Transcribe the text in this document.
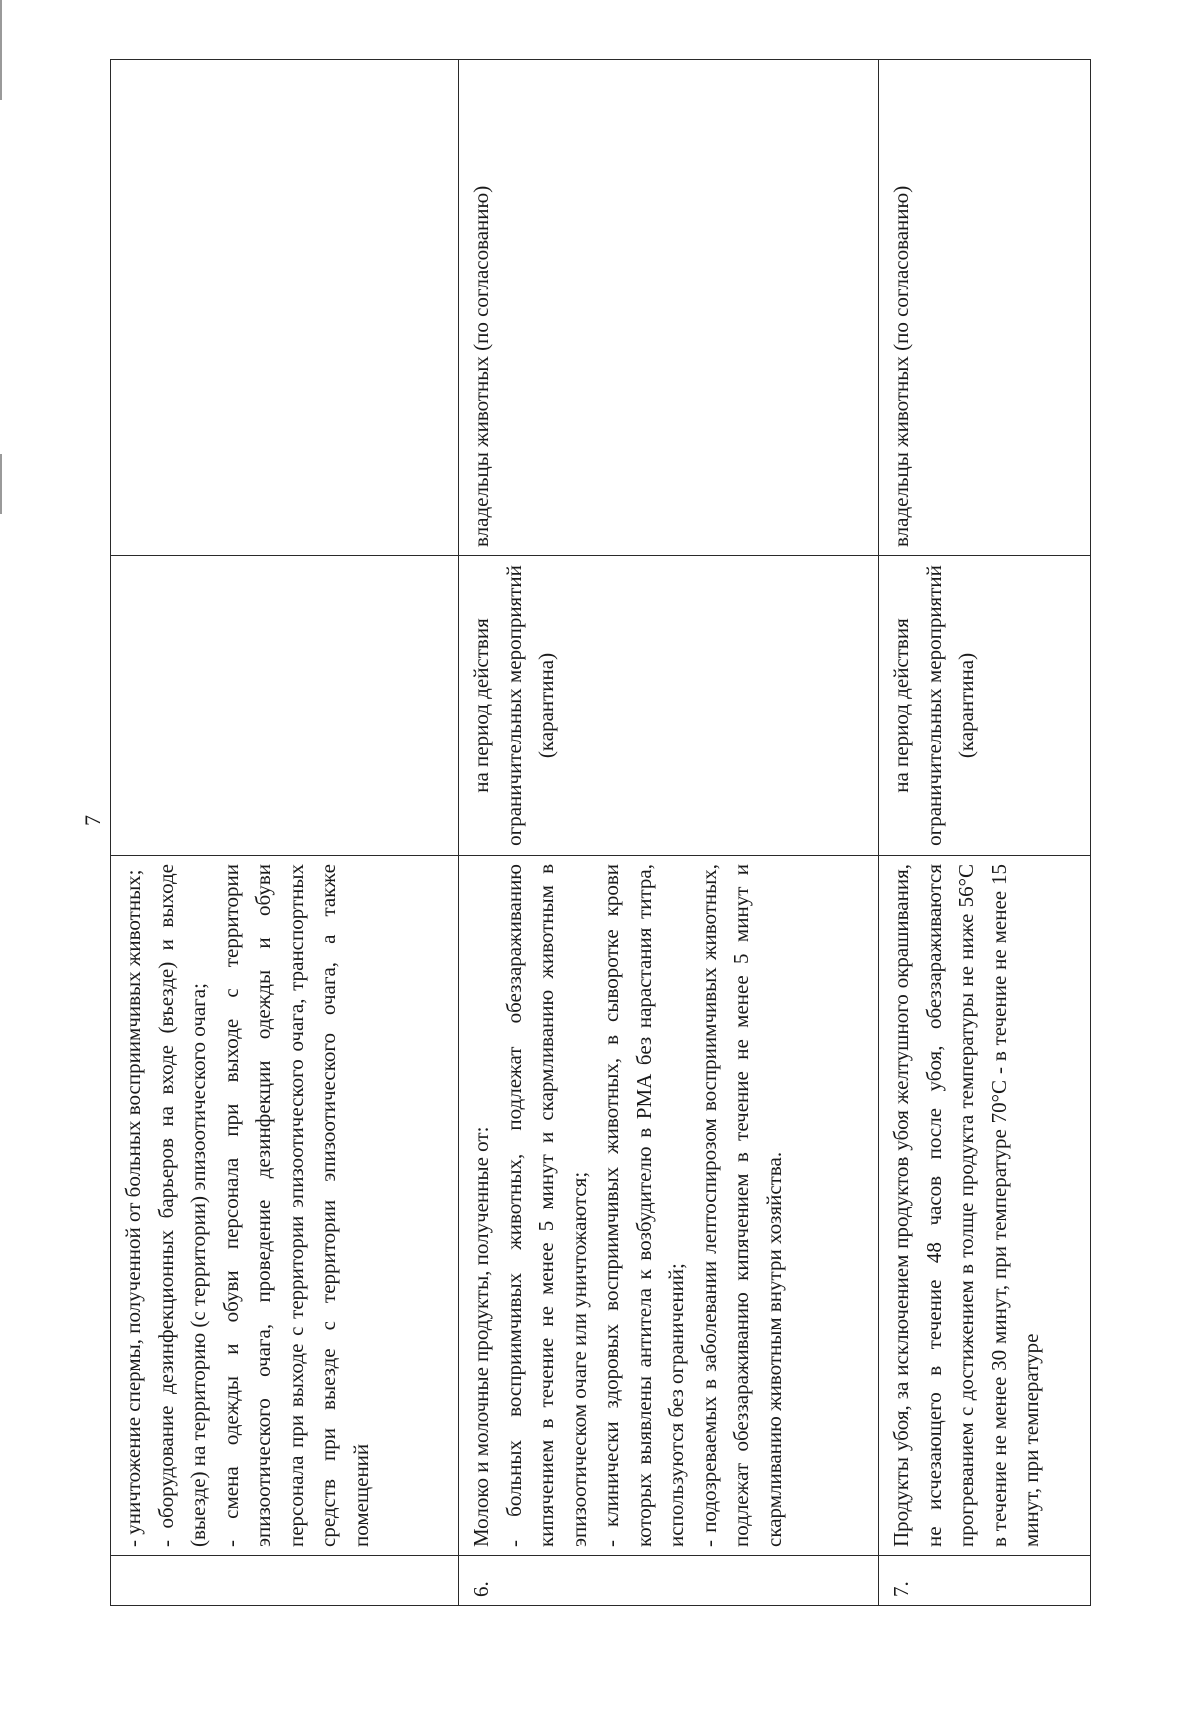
7

	- уничтожение спермы, полученной от больных восприимчивых животных; - оборудование дезинфекционных барьеров на входе (въезде) и выходе (выезде) на территорию (с территории) эпизоотического очага; - смена одежды и обуви персонала при выходе с территории эпизоотического очага, проведение дезинфекции одежды и обуви персонала при выходе с территории эпизоотического очага, транспортных средств при выезде с территории эпизоотического очага, а также помещений		

6.	Молоко и молочные продукты, полученные от: - больных восприимчивых животных, подлежат обеззараживанию кипячением в течение не менее 5 минут и скармливанию животным в эпизоотическом очаге или уничтожаются; - клинически здоровых восприимчивых животных, в сыворотке крови которых выявлены антитела к возбудителю в РМА без нарастания титра, используются без ограничений; - подозреваемых в заболевании лептоспирозом восприимчивых животных, подлежат обеззараживанию кипячением в течение не менее 5 минут и скармливанию животным внутри хозяйства.	на период действия ограничительных мероприятий (карантина)	владельцы животных (по согласованию)
7.	Продукты убоя, за исключением продуктов убоя желтушного окрашивания, не исчезающего в течение 48 часов после убоя, обеззараживаются прогреванием с достижением в толще продукта температуры не ниже 56°С в течение не менее 30 минут, при температуре 70°С - в течение не менее 15 минут, при температуре	на период действия ограничительных мероприятий (карантина)	владельцы животных (по согласованию)
